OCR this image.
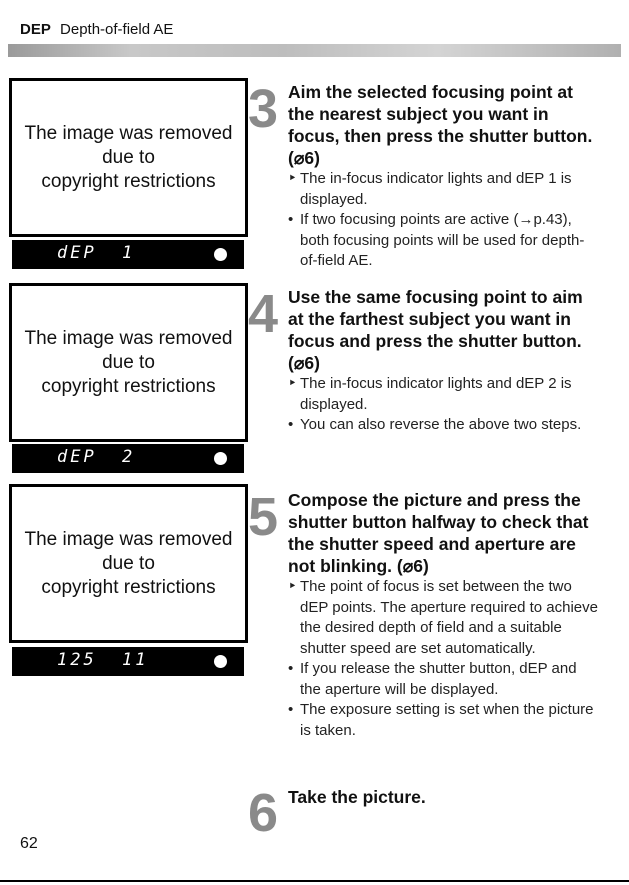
DEP Depth-of-field AE
The image was removed
due to
copyright restrictions
dEP 1
The image was removed
due to
copyright restrictions
dEP 2
The image was removed
due to
copyright restrictions
125 11
3
4
5
6
Aim the selected focusing point at the nearest subject you want in focus, then press the shutter button. (⌀6)
‣ The in-focus indicator lights and dEP 1 is displayed.
• If two focusing points are active (→p.43), both focusing points will be used for depth-of-field AE.
Use the same focusing point to aim at the farthest subject you want in focus and press the shutter button. (⌀6)
‣ The in-focus indicator lights and dEP 2 is displayed.
• You can also reverse the above two steps.
Compose the picture and press the shutter button halfway to check that the shutter speed and aperture are not blinking. (⌀6)
‣ The point of focus is set between the two dEP points. The aperture required to achieve the desired depth of field and a suitable shutter speed are set automatically.
• If you release the shutter button, dEP and the aperture will be displayed.
• The exposure setting is set when the picture is taken.
Take the picture.
62
